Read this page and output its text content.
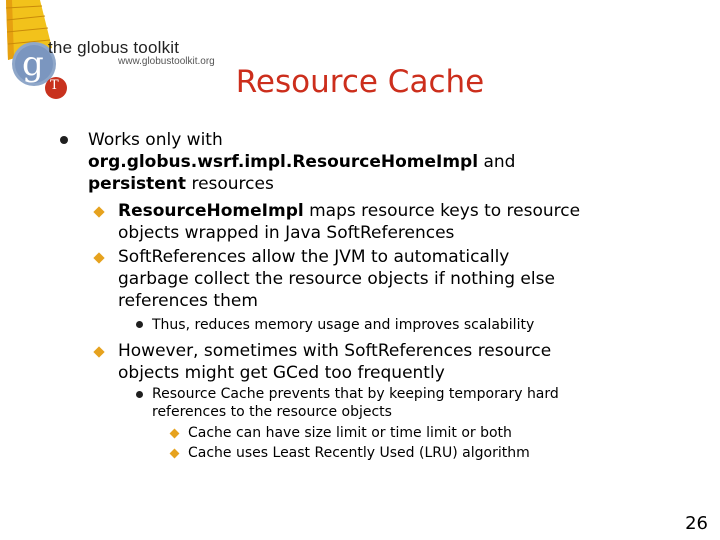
g
T
the globus toolkit
www.globustoolkit.org
Resource Cache
Works only with
org.globus.wsrf.impl.ResourceHomeImpl and
persistent resources
ResourceHomeImpl maps resource keys to resource
objects wrapped in Java SoftReferences
SoftReferences allow the JVM to automatically
garbage collect the resource objects if nothing else
references them
Thus, reduces memory usage and improves scalability
However, sometimes with SoftReferences resource
objects might get GCed too frequently
Resource Cache prevents that by keeping temporary hard
references to the resource objects
Cache can have size limit or time limit or both
Cache uses Least Recently Used (LRU) algorithm
26
